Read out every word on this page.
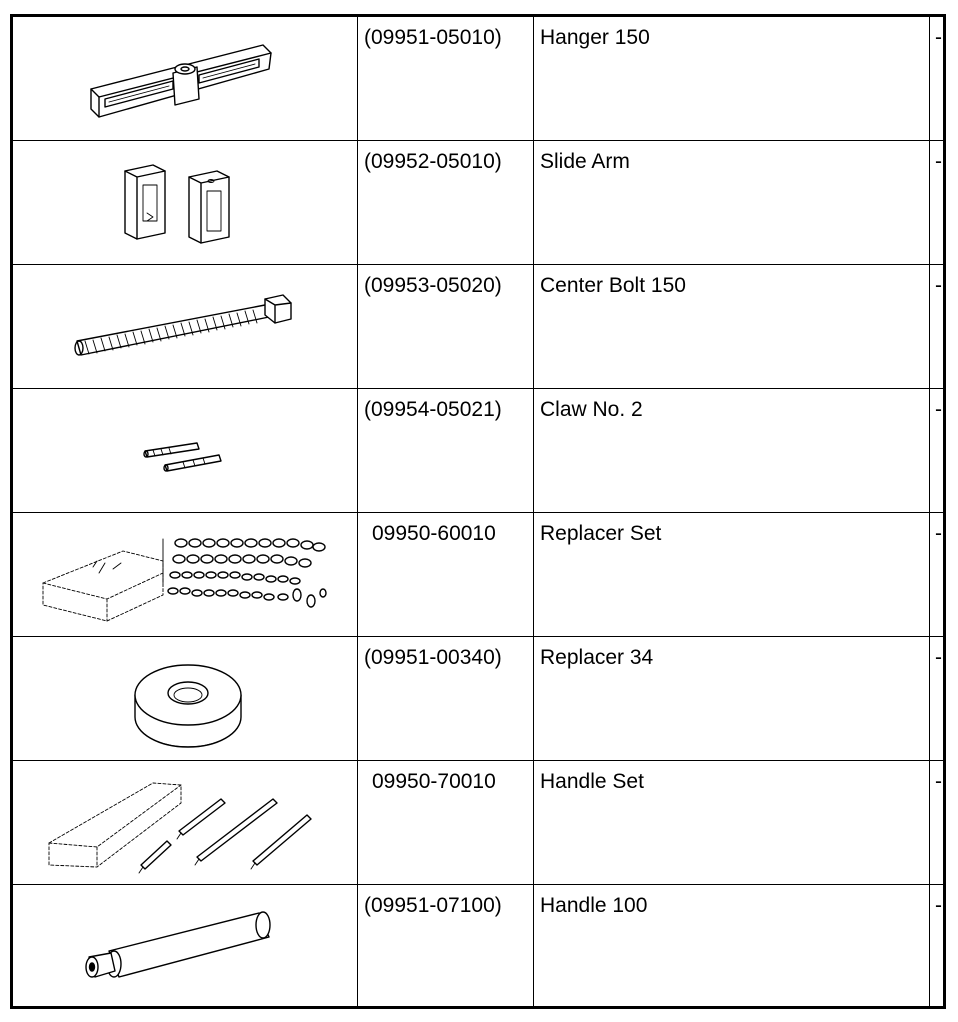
(09951-05010) Hanger 150	-
(09952-05010) Slide Arm	-
(09953-05020) Center Bolt 150	-
(09954-05021) Claw No. 2	-
09950-60010 Replacer Set	-
(09951-00340) Replacer 34	-
09950-70010 Handle Set	-
(09951-07100) Handle 100	-
